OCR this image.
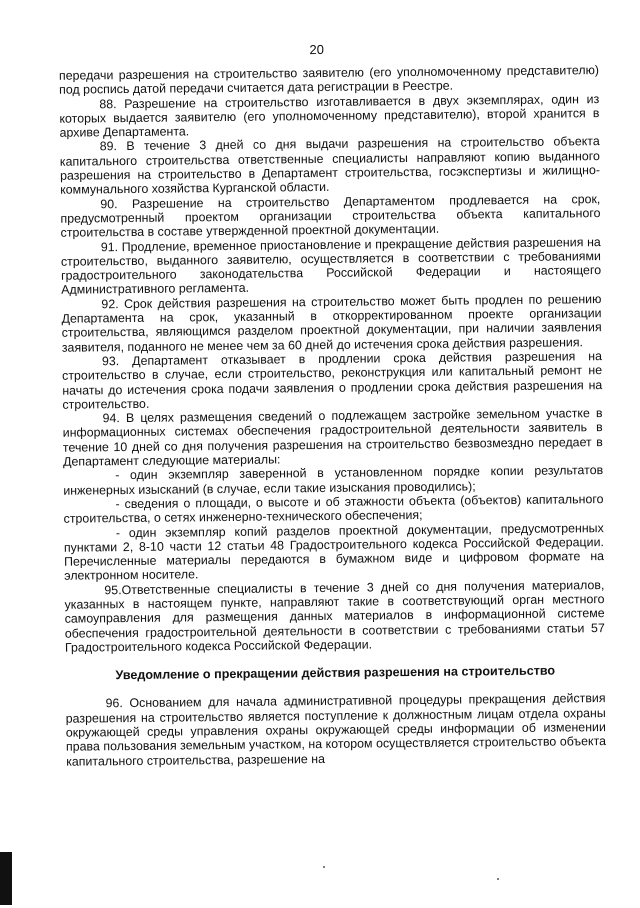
20

передачи разрешения на строительство заявителю (его уполномоченному представителю) под роспись датой передачи считается дата регистрации в Реестре.

88. Разрешение на строительство изготавливается в двух экземплярах, один из которых выдается заявителю (его уполномоченному представителю), второй хранится в архиве Департамента.

89. В течение 3 дней со дня выдачи разрешения на строительство объекта капитального строительства ответственные специалисты направляют копию выданного разрешения на строительство в Департамент строительства, госэкспертизы и жилищно-коммунального хозяйства Курганской области.

90. Разрешение на строительство Департаментом продлевается на срок, предусмотренный проектом организации строительства объекта капитального строительства в составе утвержденной проектной документации.

91. Продление, временное приостановление и прекращение действия разрешения на строительство, выданного заявителю, осуществляется в соответствии с требованиями градостроительного законодательства Российской Федерации и настоящего Административного регламента.

92. Срок действия разрешения на строительство может быть продлен по решению Департамента на срок, указанный в откорректированном проекте организации строительства, являющимся разделом проектной документации, при наличии заявления заявителя, поданного не менее чем за 60 дней до истечения срока действия разрешения.

93. Департамент отказывает в продлении срока действия разрешения на строительство в случае, если строительство, реконструкция или капитальный ремонт не начаты до истечения срока подачи заявления о продлении срока действия разрешения на строительство.

94. В целях размещения сведений о подлежащем застройке земельном участке в информационных системах обеспечения градостроительной деятельности заявитель в течение 10 дней со дня получения разрешения на строительство безвозмездно передает в Департамент следующие материалы:

- один экземпляр заверенной в установленном порядке копии результатов инженерных изысканий (в случае, если такие изыскания проводились);

- сведения о площади, о высоте и об этажности объекта (объектов) капитального строительства, о сетях инженерно-технического обеспечения;

- один экземпляр копий разделов проектной документации, предусмотренных пунктами 2, 8-10 части 12 статьи 48 Градостроительного кодекса Российской Федерации. Перечисленные материалы передаются в бумажном виде и цифровом формате на электронном носителе.

95.Ответственные специалисты в течение 3 дней со дня получения материалов, указанных в настоящем пункте, направляют такие в соответствующий орган местного самоуправления для размещения данных материалов в информационной системе обеспечения градостроительной деятельности в соответствии с требованиями статьи 57 Градостроительного кодекса Российской Федерации.

Уведомление о прекращении действия разрешения на строительство

96. Основанием для начала административной процедуры прекращения действия разрешения на строительство является поступление к должностным лицам отдела охраны окружающей среды управления охраны окружающей среды информации об изменении права пользования земельным участком, на котором осуществляется строительство объекта капитального строительства, разрешение на
